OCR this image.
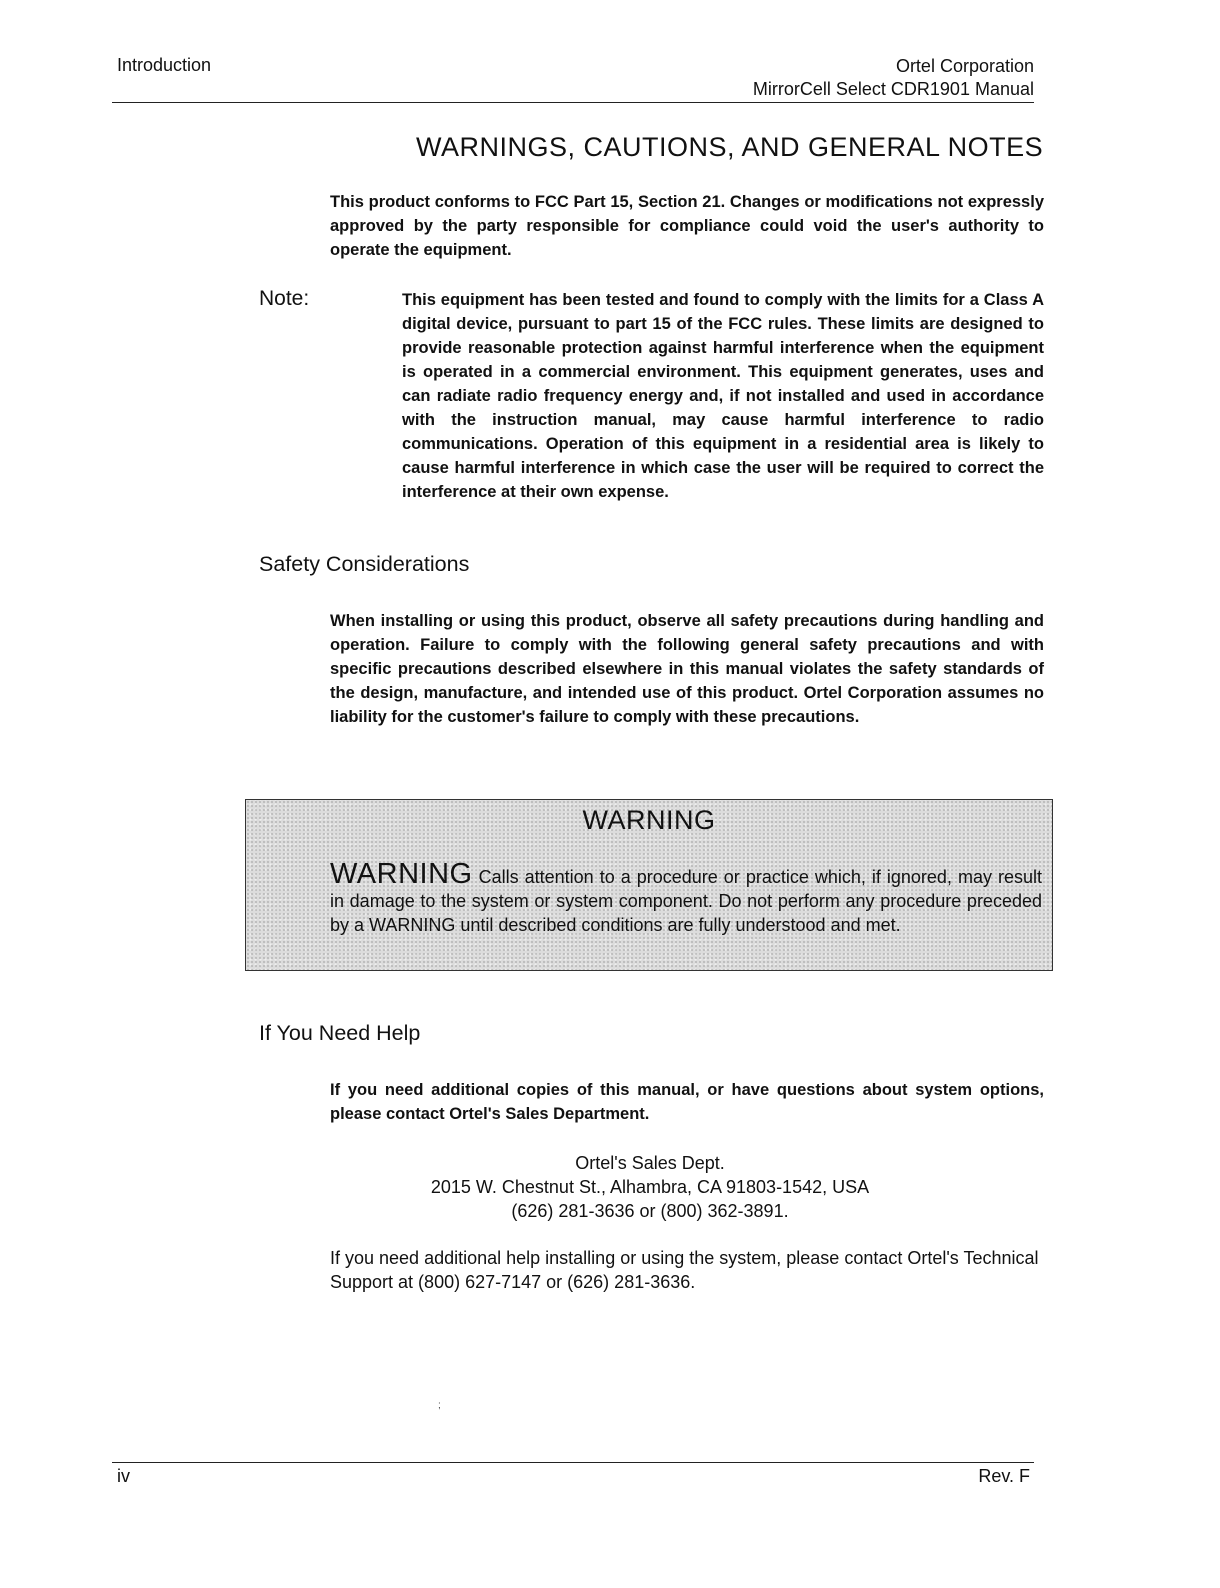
Introduction	Ortel Corporation
MirrorCell Select CDR1901 Manual
WARNINGS, CAUTIONS, AND GENERAL NOTES
This product conforms to FCC Part 15, Section 21. Changes or modifications not expressly approved by the party responsible for compliance could void the user's authority to operate the equipment.
Note:	This equipment has been tested and found to comply with the limits for a Class A digital device, pursuant to part 15 of the FCC rules. These limits are designed to provide reasonable protection against harmful interference when the equipment is operated in a commercial environment. This equipment generates, uses and can radiate radio frequency energy and, if not installed and used in accordance with the instruction manual, may cause harmful interference to radio communications. Operation of this equipment in a residential area is likely to cause harmful interference in which case the user will be required to correct the interference at their own expense.
Safety Considerations
When installing or using this product, observe all safety precautions during handling and operation. Failure to comply with the following general safety precautions and with specific precautions described elsewhere in this manual violates the safety standards of the design, manufacture, and intended use of this product. Ortel Corporation assumes no liability for the customer's failure to comply with these precautions.
WARNING
WARNING Calls attention to a procedure or practice which, if ignored, may result in damage to the system or system component. Do not perform any procedure preceded by a WARNING until described conditions are fully understood and met.
If You Need Help
If you need additional copies of this manual, or have questions about system options, please contact Ortel's Sales Department.
Ortel's Sales Dept.
2015 W. Chestnut St., Alhambra, CA 91803-1542, USA
(626) 281-3636 or (800) 362-3891.
If you need additional help installing or using the system, please contact Ortel's Technical Support at (800) 627-7147 or (626) 281-3636.
;
iv	Rev. F
